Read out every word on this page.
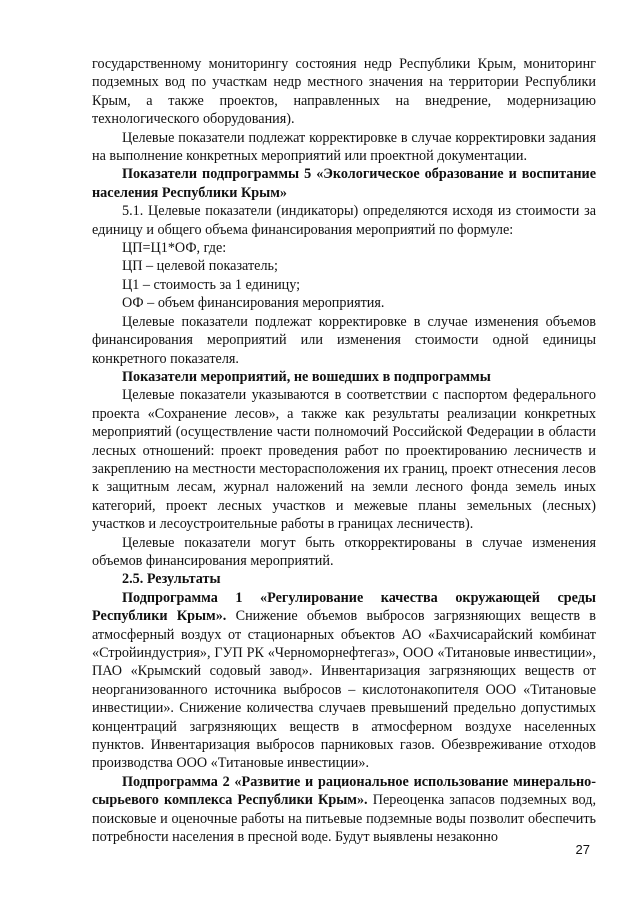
государственному мониторингу состояния недр Республики Крым, мониторинг подземных вод по участкам недр местного значения на территории Республики Крым, а также проектов, направленных на внедрение, модернизацию технологического оборудования).

Целевые показатели подлежат корректировке в случае корректировки задания на выполнение конкретных мероприятий или проектной документации.

Показатели подпрограммы 5 «Экологическое образование и воспитание населения Республики Крым»

5.1. Целевые показатели (индикаторы) определяются исходя из стоимости за единицу и общего объема финансирования мероприятий по формуле:

ЦП=Ц1*ОФ, где:

ЦП – целевой показатель;

Ц1 – стоимость за 1 единицу;

ОФ – объем финансирования мероприятия.

Целевые показатели подлежат корректировке в случае изменения объемов финансирования мероприятий или изменения стоимости одной единицы конкретного показателя.

Показатели мероприятий, не вошедших в подпрограммы

Целевые показатели указываются в соответствии с паспортом федерального проекта «Сохранение лесов», а также как результаты реализации конкретных мероприятий (осуществление части полномочий Российской Федерации в области лесных отношений: проект проведения работ по проектированию лесничеств и закреплению на местности месторасположения их границ, проект отнесения лесов к защитным лесам, журнал наложений на земли лесного фонда земель иных категорий, проект лесных участков и межевые планы земельных (лесных) участков и лесоустроительные работы в границах лесничеств).

Целевые показатели могут быть откорректированы в случае изменения объемов финансирования мероприятий.

2.5. Результаты

Подпрограмма 1 «Регулирование качества окружающей среды Республики Крым». Снижение объемов выбросов загрязняющих веществ в атмосферный воздух от стационарных объектов АО «Бахчисарайский комбинат «Стройиндустрия», ГУП РК «Черноморнефтегаз», ООО «Титановые инвестиции», ПАО «Крымский содовый завод». Инвентаризация загрязняющих веществ от неорганизованного источника выбросов – кислотонакопителя ООО «Титановые инвестиции». Снижение количества случаев превышений предельно допустимых концентраций загрязняющих веществ в атмосферном воздухе населенных пунктов. Инвентаризация выбросов парниковых газов. Обезвреживание отходов производства ООО «Титановые инвестиции».

Подпрограмма 2 «Развитие и рациональное использование минерально-сырьевого комплекса Республики Крым». Переоценка запасов подземных вод, поисковые и оценочные работы на питьевые подземные воды позволит обеспечить потребности населения в пресной воде. Будут выявлены незаконно

27
